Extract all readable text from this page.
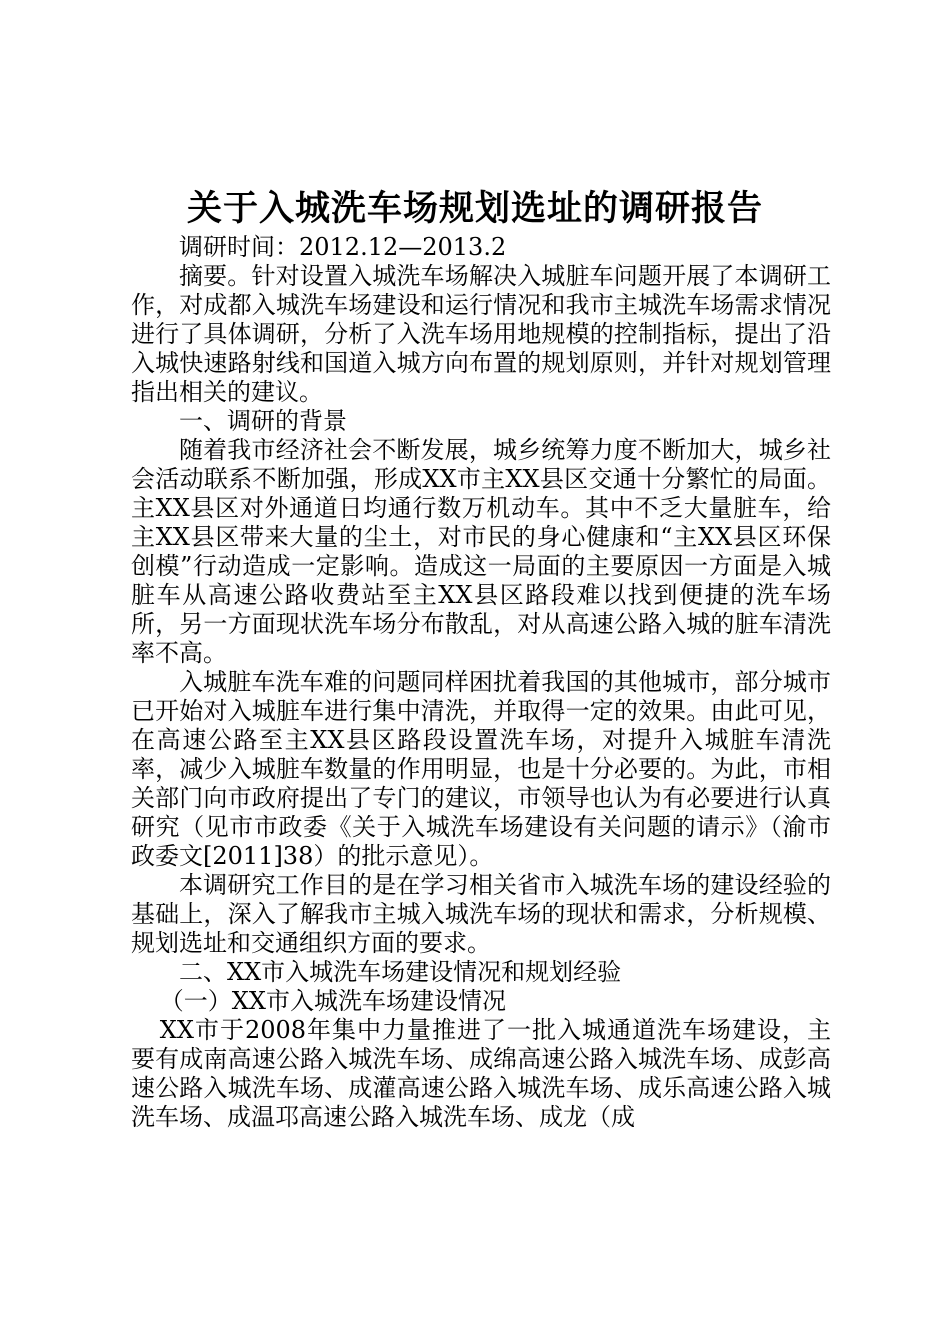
关于入城洗车场规划选址的调研报告

调研时间：2012.12—2013.2

摘要。针对设置入城洗车场解决入城脏车问题开展了本调研工作，对成都入城洗车场建设和运行情况和我市主城洗车场需求情况进行了具体调研，分析了入洗车场用地规模的控制指标，提出了沿入城快速路射线和国道入城方向布置的规划原则，并针对规划管理指出相关的建议。

一、调研的背景

随着我市经济社会不断发展，城乡统筹力度不断加大，城乡社会活动联系不断加强，形成XX市主XX县区交通十分繁忙的局面。主XX县区对外通道日均通行数万机动车。其中不乏大量脏车，给主XX县区带来大量的尘土，对市民的身心健康和“主XX县区环保创模”行动造成一定影响。造成这一局面的主要原因一方面是入城脏车从高速公路收费站至主XX县区路段难以找到便捷的洗车场所，另一方面现状洗车场分布散乱，对从高速公路入城的脏车清洗率不高。

入城脏车洗车难的问题同样困扰着我国的其他城市，部分城市已开始对入城脏车进行集中清洗，并取得一定的效果。由此可见，在高速公路至主XX县区路段设置洗车场，对提升入城脏车清洗率，减少入城脏车数量的作用明显，也是十分必要的。为此，市相关部门向市政府提出了专门的建议，市领导也认为有必要进行认真研究（见市市政委《关于入城洗车场建设有关问题的请示》（渝市政委文[2011]38）的批示意见）。

本调研究工作目的是在学习相关省市入城洗车场的建设经验的基础上，深入了解我市主城入城洗车场的现状和需求，分析规模、规划选址和交通组织方面的要求。

二、XX市入城洗车场建设情况和规划经验

（一）XX市入城洗车场建设情况

XX市于2008年集中力量推进了一批入城通道洗车场建设，主要有成南高速公路入城洗车场、成绵高速公路入城洗车场、成彭高速公路入城洗车场、成灌高速公路入城洗车场、成乐高速公路入城洗车场、成温邛高速公路入城洗车场、成龙（成
